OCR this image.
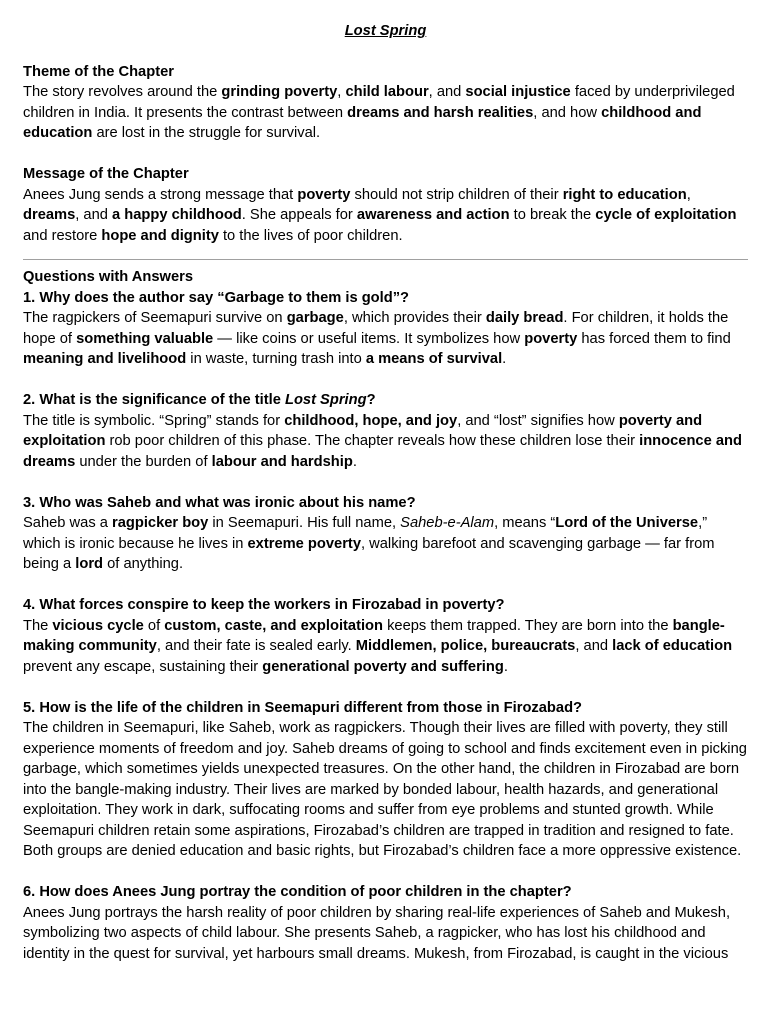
Lost Spring
Theme of the Chapter

The story revolves around the grinding poverty, child labour, and social injustice faced by underprivileged children in India. It presents the contrast between dreams and harsh realities, and how childhood and education are lost in the struggle for survival.

Message of the Chapter

Anees Jung sends a strong message that poverty should not strip children of their right to education, dreams, and a happy childhood. She appeals for awareness and action to break the cycle of exploitation and restore hope and dignity to the lives of poor children.

Questions with Answers

1. Why does the author say “Garbage to them is gold”?

The ragpickers of Seemapuri survive on garbage, which provides their daily bread. For children, it holds the hope of something valuable — like coins or useful items. It symbolizes how poverty has forced them to find meaning and livelihood in waste, turning trash into a means of survival.

2. What is the significance of the title Lost Spring?

The title is symbolic. “Spring” stands for childhood, hope, and joy, and “lost” signifies how poverty and exploitation rob poor children of this phase. The chapter reveals how these children lose their innocence and dreams under the burden of labour and hardship.

3. Who was Saheb and what was ironic about his name?

Saheb was a ragpicker boy in Seemapuri. His full name, Saheb-e-Alam, means “Lord of the Universe,” which is ironic because he lives in extreme poverty, walking barefoot and scavenging garbage — far from being a lord of anything.

4. What forces conspire to keep the workers in Firozabad in poverty?

The vicious cycle of custom, caste, and exploitation keeps them trapped. They are born into the bangle-making community, and their fate is sealed early. Middlemen, police, bureaucrats, and lack of education prevent any escape, sustaining their generational poverty and suffering.

5. How is the life of the children in Seemapuri different from those in Firozabad?

The children in Seemapuri, like Saheb, work as ragpickers. Though their lives are filled with poverty, they still experience moments of freedom and joy. Saheb dreams of going to school and finds excitement even in picking garbage, which sometimes yields unexpected treasures. On the other hand, the children in Firozabad are born into the bangle-making industry. Their lives are marked by bonded labour, health hazards, and generational exploitation. They work in dark, suffocating rooms and suffer from eye problems and stunted growth. While Seemapuri children retain some aspirations, Firozabad’s children are trapped in tradition and resigned to fate. Both groups are denied education and basic rights, but Firozabad’s children face a more oppressive existence.

6. How does Anees Jung portray the condition of poor children in the chapter?

Anees Jung portrays the harsh reality of poor children by sharing real-life experiences of Saheb and Mukesh, symbolizing two aspects of child labour. She presents Saheb, a ragpicker, who has lost his childhood and identity in the quest for survival, yet harbours small dreams. Mukesh, from Firozabad, is caught in the vicious
